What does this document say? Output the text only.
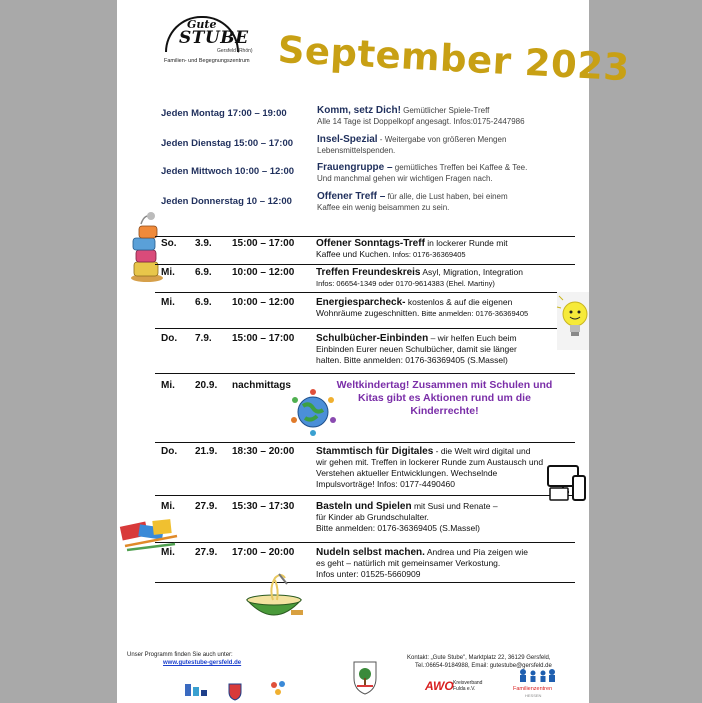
Gute
STUBE
Gersfeld (Rhön)
Familien- und Begegnungszentrum September 2023
Jeden Montag 17:00 – 19:00	Komm, setz Dich! Gemütlicher Spiele-Treff
Alle 14 Tage ist Doppelkopf angesagt. Infos:0175-2447986
Jeden Dienstag 15:00 – 17:00 Insel-Spezial - Weitergabe von größeren Mengen
Lebensmittelspenden.
Jeden Mittwoch 10:00 – 12:00 Frauengruppe – gemütliches Treffen bei Kaffee & Tee.
Und manchmal gehen wir wichtigen Fragen nach.
Jeden Donnerstag 10 – 12:00	Offener Treff – für alle, die Lust haben, bei einem
Kaffee ein wenig beisammen zu sein.
So. 3.9. 15:00 – 17:00 Offener Sonntags-Treff in lockerer Runde mit
Kaffee und Kuchen. Infos: 0176-36369405
Mi. 6.9. 10:00 – 12:00 Treffen Freundeskreis Asyl, Migration, Integration
Infos: 06654-1349 oder 0170-9614383 (Ehel. Martiny)
Mi. 6.9. 10:00 – 12:00 Energiesparcheck- kostenlos & auf die eigenen
Wohnräume zugeschnitten. Bitte anmelden: 0176-36369405
Do. 7.9. 15:00 – 17:00 Schulbücher-Einbinden – wir helfen Euch beim
Einbinden Eurer neuen Schulbücher, damit sie länger
halten. Bitte anmelden: 0176-36369405 (S.Massel)
Mi. 20.9. nachmittags	Weltkindertag! Zusammen mit Schulen und
Kitas gibt es Aktionen rund um die
Kinderrechte!
Do. 21.9. 18:30 – 20:00 Stammtisch für Digitales - die Welt wird digital und
wir gehen mit. Treffen in lockerer Runde zum Austausch und
Verstehen aktueller Entwicklungen. Wechselnde
Impulsvorträge! Infos: 0177-4490460
Mi. 27.9. 15:30 – 17:30 Basteln und Spielen mit Susi und Renate –
für Kinder ab Grundschulalter.
Bitte anmelden: 0176-36369405 (S.Massel)
Mi. 27.9. 17:00 – 20:00 Nudeln selbst machen. Andrea und Pia zeigen wie
es geht – natürlich mit gemeinsamer Verkostung.
Infos unter: 01525-5660909
Unser Programm finden Sie auch unter:
www.gutestube-gersfeld.de
Kontakt: „Gute Stube", Marktplatz 22, 36129 Gersfeld,
Tel.:06654-9184988, Email: gutestube@gersfeld.de
AWO Kreisverband
Fulda e.V.	Familienzentren
HESSEN
